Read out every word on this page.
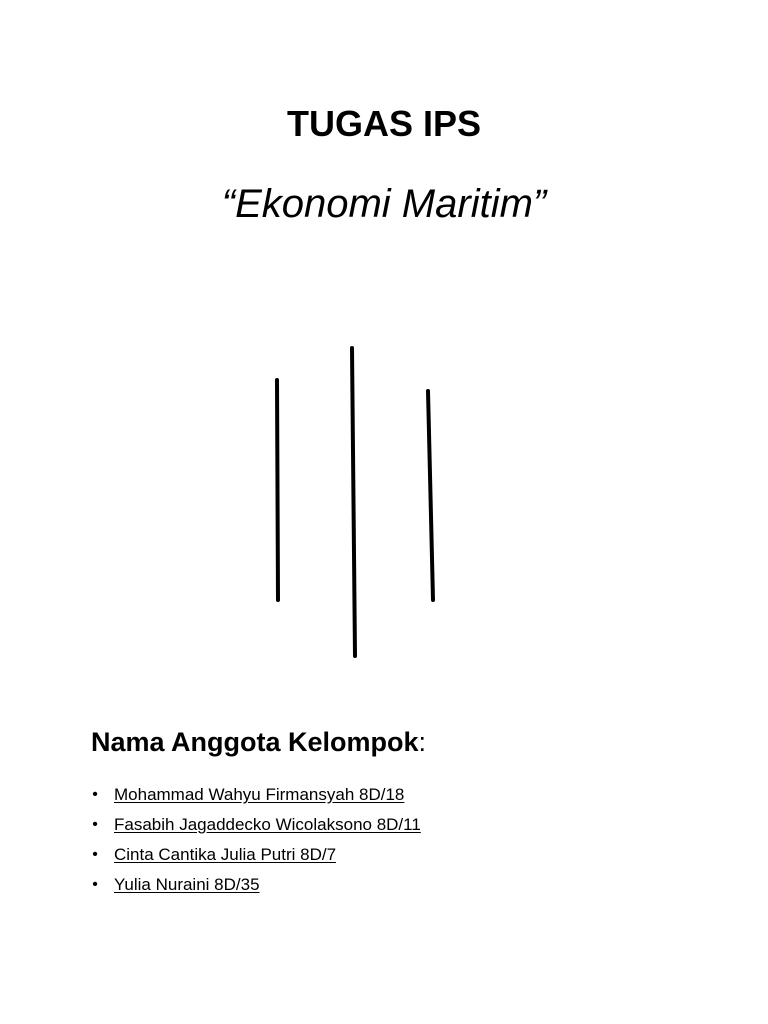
TUGAS IPS
“Ekonomi Maritim”
Nama Anggota Kelompok:
• Mohammad Wahyu Firmansyah 8D/18
• Fasabih Jagaddecko Wicolaksono 8D/11
• Cinta Cantika Julia Putri 8D/7
• Yulia Nuraini 8D/35
